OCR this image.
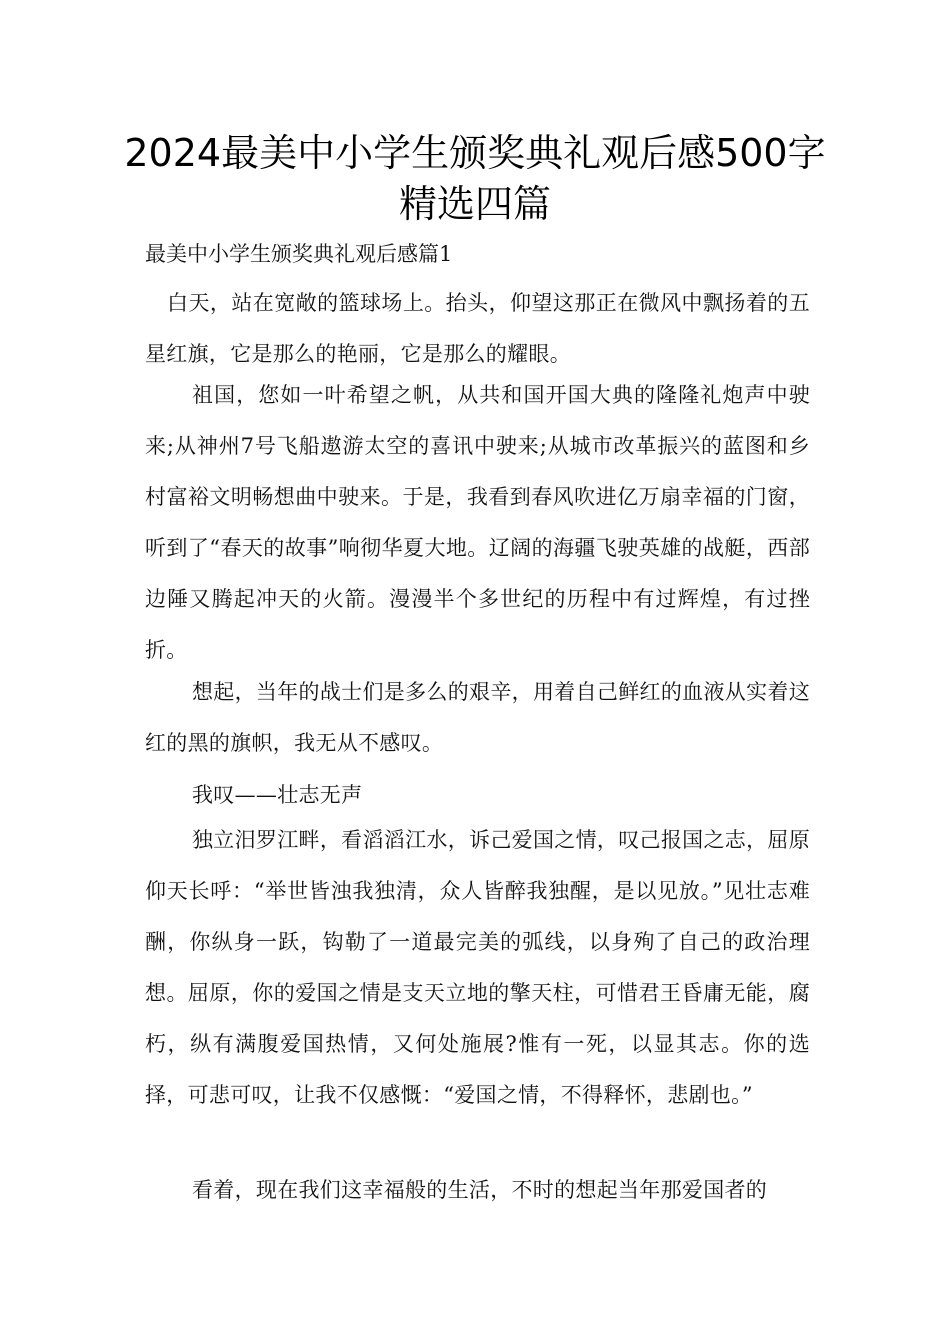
2024最美中小学生颁奖典礼观后感500字精选四篇

最美中小学生颁奖典礼观后感篇1

白天，站在宽敞的篮球场上。抬头，仰望这那正在微风中飘扬着的五星红旗，它是那么的艳丽，它是那么的耀眼。

祖国，您如一叶希望之帆，从共和国开国大典的隆隆礼炮声中驶来;从神州7号飞船遨游太空的喜讯中驶来;从城市改革振兴的蓝图和乡村富裕文明畅想曲中驶来。于是，我看到春风吹进亿万扇幸福的门窗，听到了“春天的故事”响彻华夏大地。辽阔的海疆飞驶英雄的战艇，西部边陲又腾起冲天的火箭。漫漫半个多世纪的历程中有过辉煌，有过挫折。

想起，当年的战士们是多么的艰辛，用着自己鲜红的血液从实着这红的黑的旗帜，我无从不感叹。

我叹——壮志无声

独立汨罗江畔，看滔滔江水，诉己爱国之情，叹己报国之志，屈原仰天长呼：“举世皆浊我独清，众人皆醉我独醒，是以见放。”见壮志难酬，你纵身一跃，钩勒了一道最完美的弧线，以身殉了自己的政治理想。屈原，你的爱国之情是支天立地的擎天柱，可惜君王昏庸无能，腐朽，纵有满腹爱国热情，又何处施展?惟有一死，以显其志。你的选择，可悲可叹，让我不仅感慨：“爱国之情，不得释怀，悲剧也。”

看着，现在我们这幸福般的生活，不时的想起当年那爱国者的
